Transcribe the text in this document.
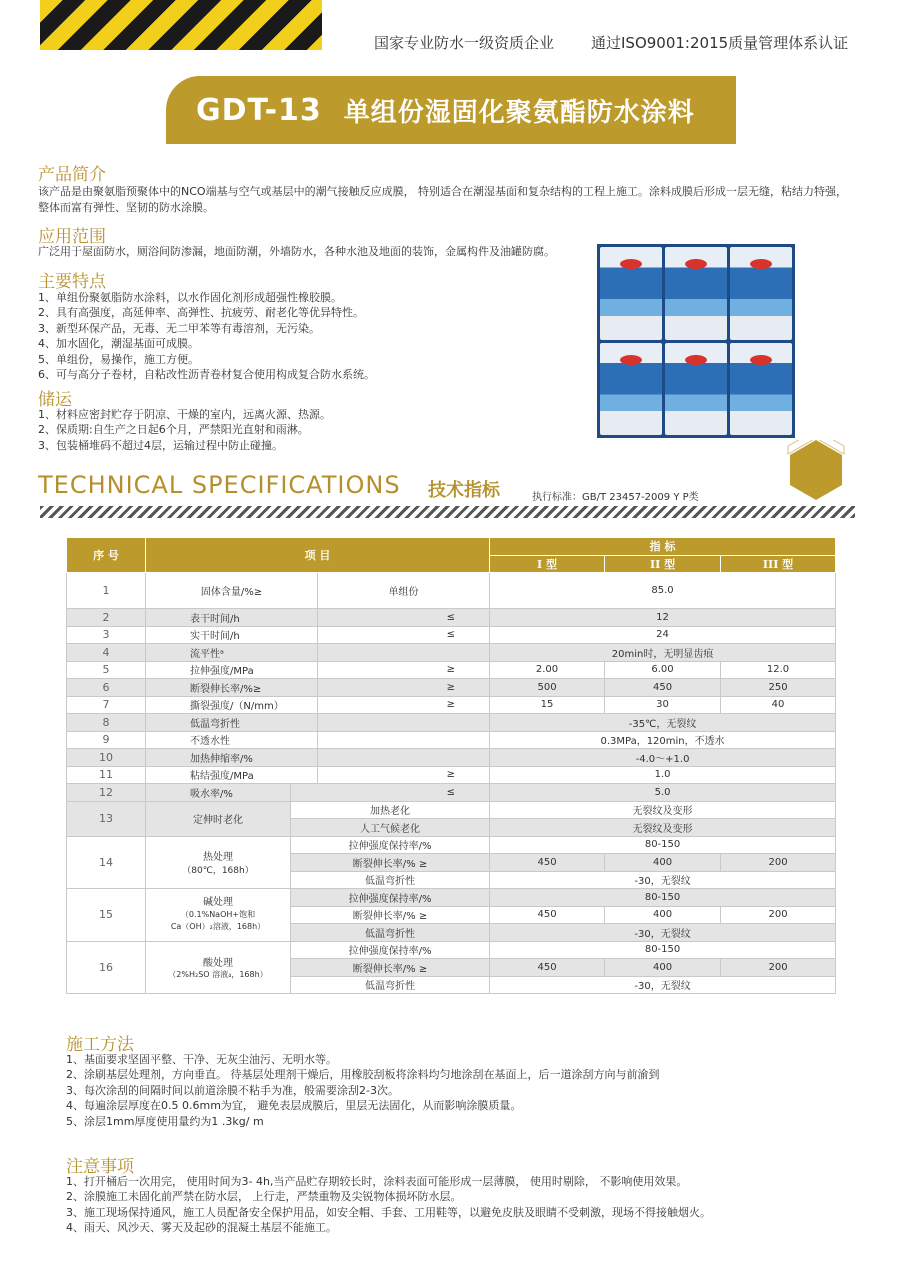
国家专业防水一级资质企业 通过ISO9001:2015质量管理体系认证
GDT-13 单组份湿固化聚氨酯防水涂料
产品简介
该产品是由聚氨脂预聚体中的NCO端基与空气或基层中的潮气接触反应成膜， 特别适合在潮湿基面和复杂结构的工程上施工。涂料成膜后形成一层无缝，粘结力特强，整体而富有弹性、坚韧的防水涂膜。
应用范围
广泛用于屋面防水，厕浴间防渗漏，地面防潮，外墙防水，各种水池及地面的装饰，金属构件及油罐防腐。
主要特点
1、单组份聚氨脂防水涂料，以水作固化剂形成超强性橡胶膜。
2、具有高强度，高延伸率、高弹性、抗疲劳、耐老化等优异特性。
3、新型环保产品，无毒、无二甲苯等有毒溶剂，无污染。
4、加水固化，潮湿基面可成膜。
5、单组份，易操作，施工方便。
6、可与高分子卷材，自粘改性沥青卷材复合使用构成复合防水系统。
储运
1、材料应密封贮存于阴凉、干燥的室内，远离火源、热源。
2、保质期:自生产之日起6个月，严禁阳光直射和雨淋。
3、包装桶堆码不超过4层，运输过程中防止碰撞。
TECHNICAL SPECIFICATIONS 技术指标	执行标准：GB/T 23457-2009 Y P类
序 号	项 目			指 标		
				I 型	II 型	III 型
1	固体含量/%≥		单组份	85.0		
2	表干时间/h		≤	12		
3	实干时间/h		≤	24		
4	流平性ᵃ			20min时，无明显齿痕		
5	拉伸强度/MPa		≥	2.00	6.00	12.0
6	断裂伸长率/%≥		≥	500	450	250
7	撕裂强度/（N/mm）		≥	15	30	40
8	低温弯折性			-35℃，无裂纹		
9	不透水性			0.3MPa，120min，不透水		
10	加热伸缩率/%			-4.0～+1.0		
11	粘结强度/MPa		≥	1.0		
12	吸水率/%	≤		5.0		
13	定伸时老化	加热老化		无裂纹及变形		
		人工气候老化		无裂纹及变形		
14	热处理
（80℃，168h）	拉伸强度保持率/%		80-150		
		断裂伸长率/% ≥		450	400	200
		低温弯折性		-30，无裂纹		
15	碱处理
（0.1%NaOH+饱和
Ca（OH）₂溶液，168h）	拉伸强度保持率/%		80-150		
		断裂伸长率/% ≥		450	400	200
		低温弯折性		-30，无裂纹		
16	酸处理
（2%H₂SO 溶液₄，168h）	拉伸强度保持率/%		80-150		
		断裂伸长率/% ≥		450	400	200
		低温弯折性		-30，无裂纹		
施工方法
1、基面要求坚固平整、干净、无灰尘油污、无明水等。
2、涂刷基层处理剂，方向垂直。 待基层处理剂干燥后，用橡胶刮板将涂料均匀地涂刮在基面上，后一道涂刮方向与前渝到
3、每次涂刮的间隔时间以前道涂膜不粘手为准，般需要涂刮2-3次。
4、每遍涂层厚度在0.5 0.6mm为宜， 避免表层成膜后，里层无法固化，从而影响涂膜质量。
5、涂层1mm厚度使用量约为1 .3kg/ m
注意事项
1、打开桶后一次用完， 使用时间为3- 4h,当产品贮存期较长时，涂料表面可能形成一层薄膜， 使用时剔除， 不影响使用效果。
2、涂膜施工未固化前严禁在防水层， 上行走，严禁重物及尖锐物体损坏防水层。
3、施工现场保持通风，施工人员配备安全保护用品，如安全帽、手套、工用鞋等，以避免皮肤及眼睛不受刺激，现场不得接触烟火。
4、雨天、风沙天、雾天及起砂的混凝土基层不能施工。
